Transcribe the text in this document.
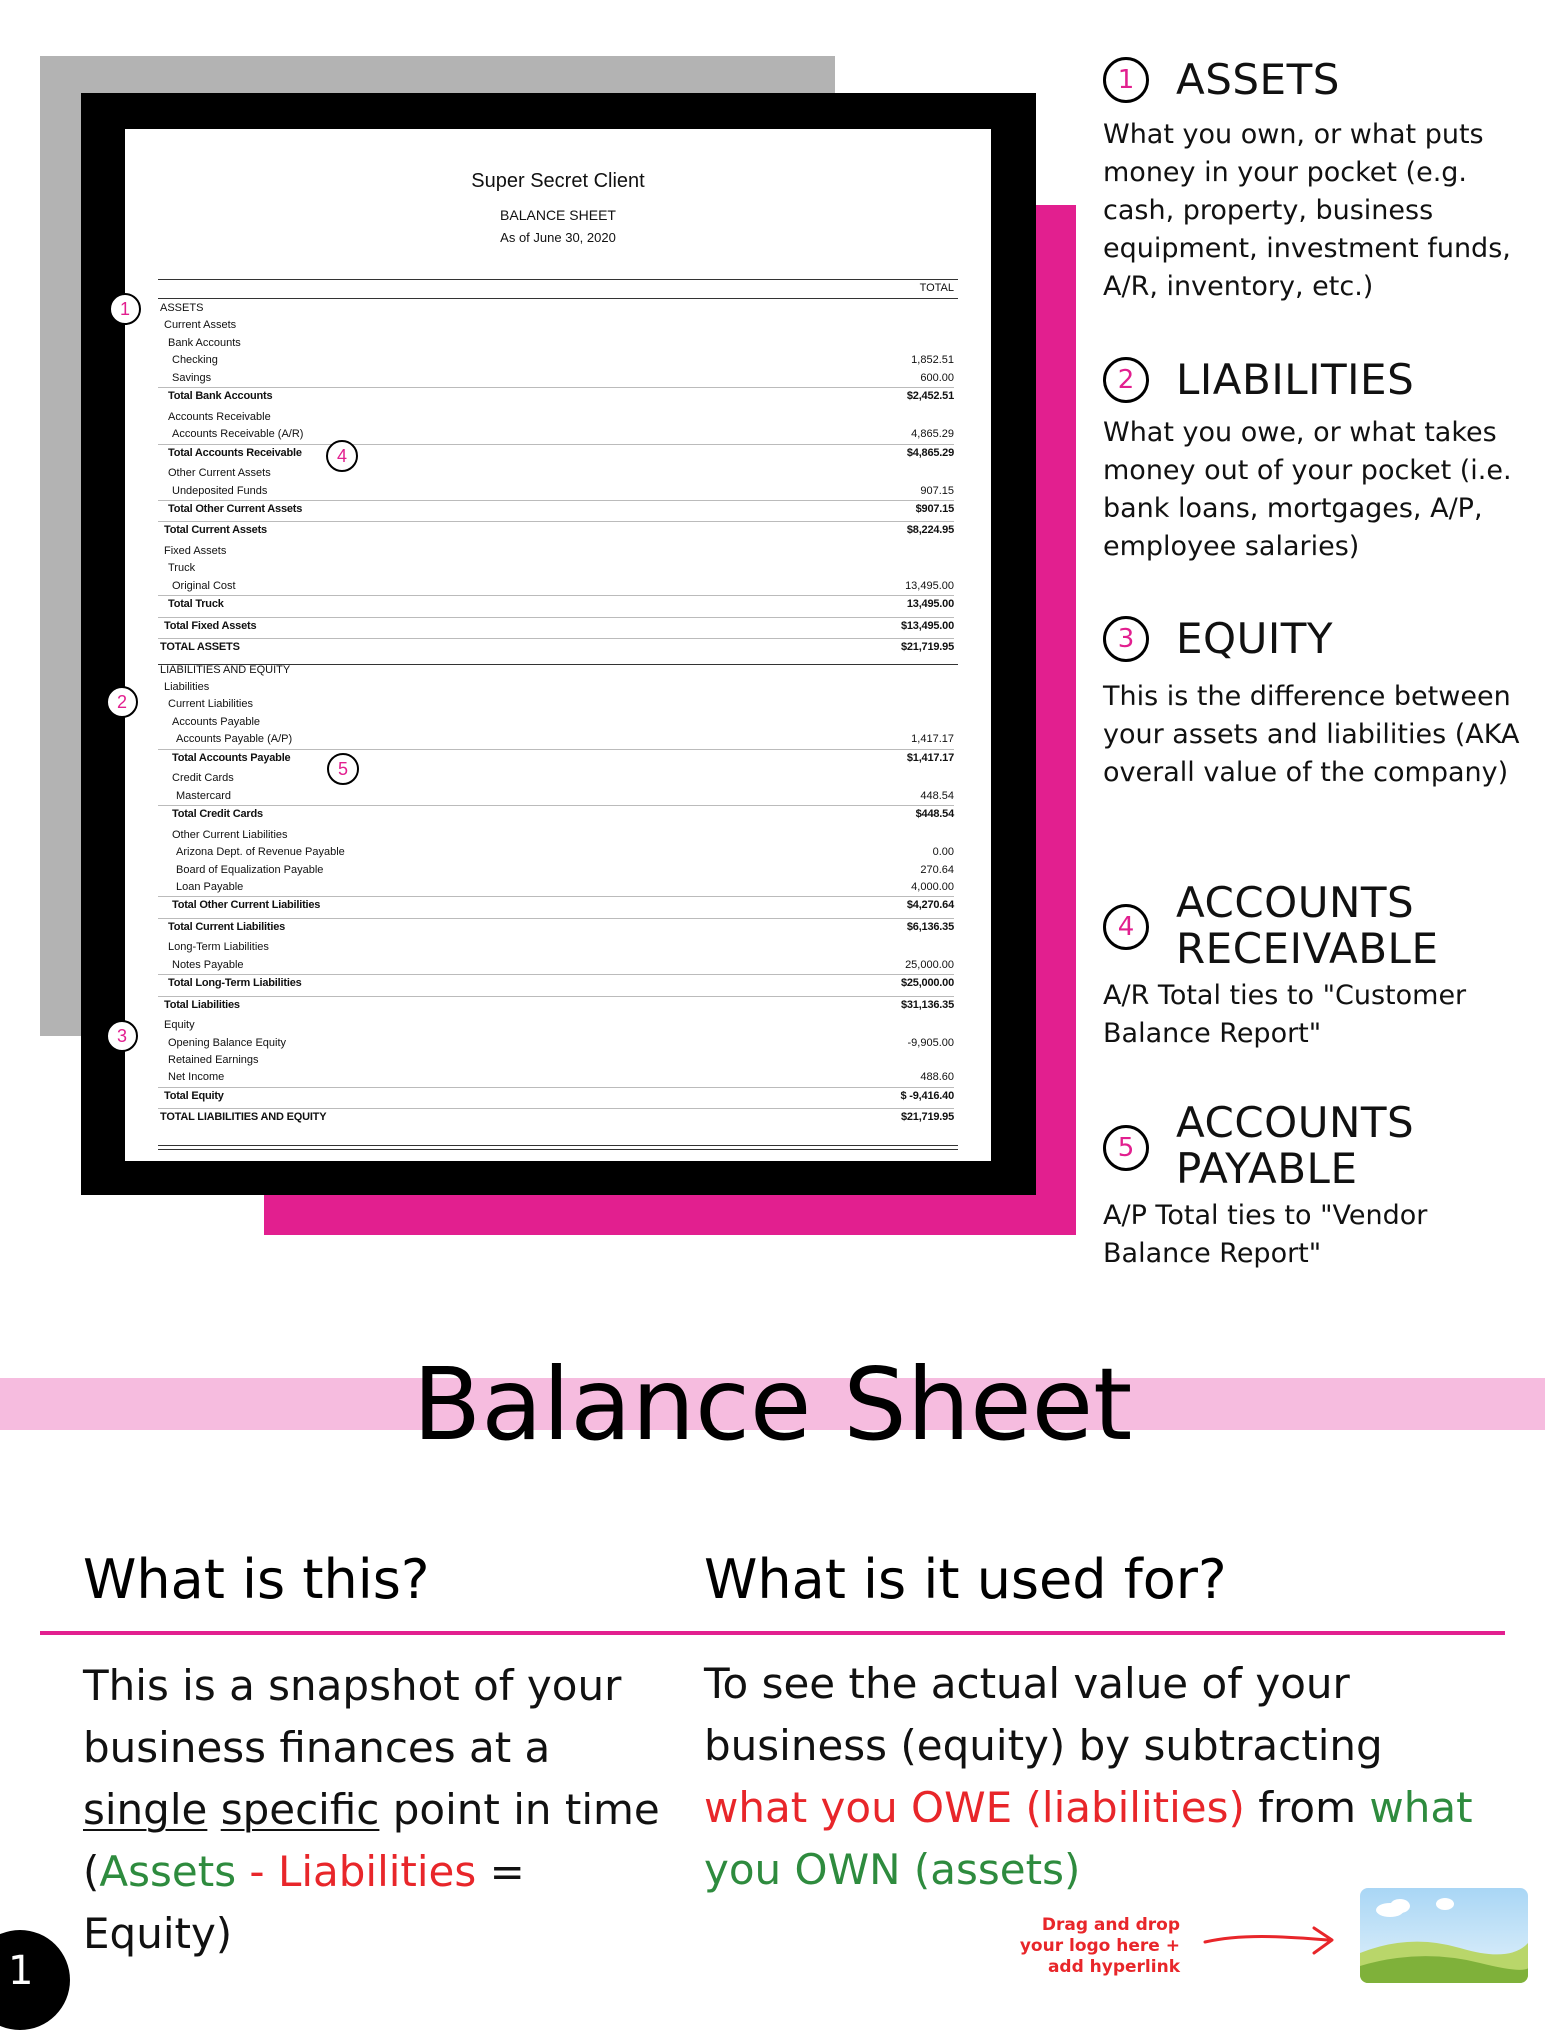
Super Secret Client
BALANCE SHEET
As of June 30, 2020
TOTAL
ASSETS
Current Assets
Bank Accounts
Checking	1,852.51
Savings	600.00
Total Bank Accounts	$2,452.51
Accounts Receivable
Accounts Receivable (A/R)	4,865.29
Total Accounts Receivable	$4,865.29
Other Current Assets
Undeposited Funds	907.15
Total Other Current Assets	$907.15
Total Current Assets	$8,224.95
Fixed Assets
Truck
Original Cost	13,495.00
Total Truck	13,495.00
Total Fixed Assets	$13,495.00
TOTAL ASSETS	$21,719.95
LIABILITIES AND EQUITY
Liabilities
Current Liabilities
Accounts Payable
Accounts Payable (A/P)	1,417.17
Total Accounts Payable	$1,417.17
Credit Cards
Mastercard	448.54
Total Credit Cards	$448.54
Other Current Liabilities
Arizona Dept. of Revenue Payable	0.00
Board of Equalization Payable	270.64
Loan Payable	4,000.00
Total Other Current Liabilities	$4,270.64
Total Current Liabilities	$6,136.35
Long-Term Liabilities
Notes Payable	25,000.00
Total Long-Term Liabilities	$25,000.00
Total Liabilities	$31,136.35
Equity
Opening Balance Equity	-9,905.00
Retained Earnings
Net Income	488.60
Total Equity	$ -9,416.40
TOTAL LIABILITIES AND EQUITY	$21,719.95
1
4
2
5
3
1 ASSETS
What you own, or what puts money in your pocket (e.g. cash, property, business equipment, investment funds, A/R, inventory, etc.)
2 LIABILITIES
What you owe, or what takes money out of your pocket (i.e. bank loans, mortgages, A/P, employee salaries)
3 EQUITY
This is the difference between your assets and liabilities (AKA overall value of the company)
4 ACCOUNTS
RECEIVABLE
A/R Total ties to "Customer Balance Report"
5
ACCOUNTS
PAYABLE
A/P Total ties to "Vendor Balance Report"
Balance Sheet
What is this?	What is it used for?
This is a snapshot of your business finances at a single specific point in time
(Assets - Liabilities = Equity)
To see the actual value of your business (equity) by subtracting what you OWE (liabilities) from what you OWN (assets)
1
Drag and drop
your logo here +
add hyperlink
